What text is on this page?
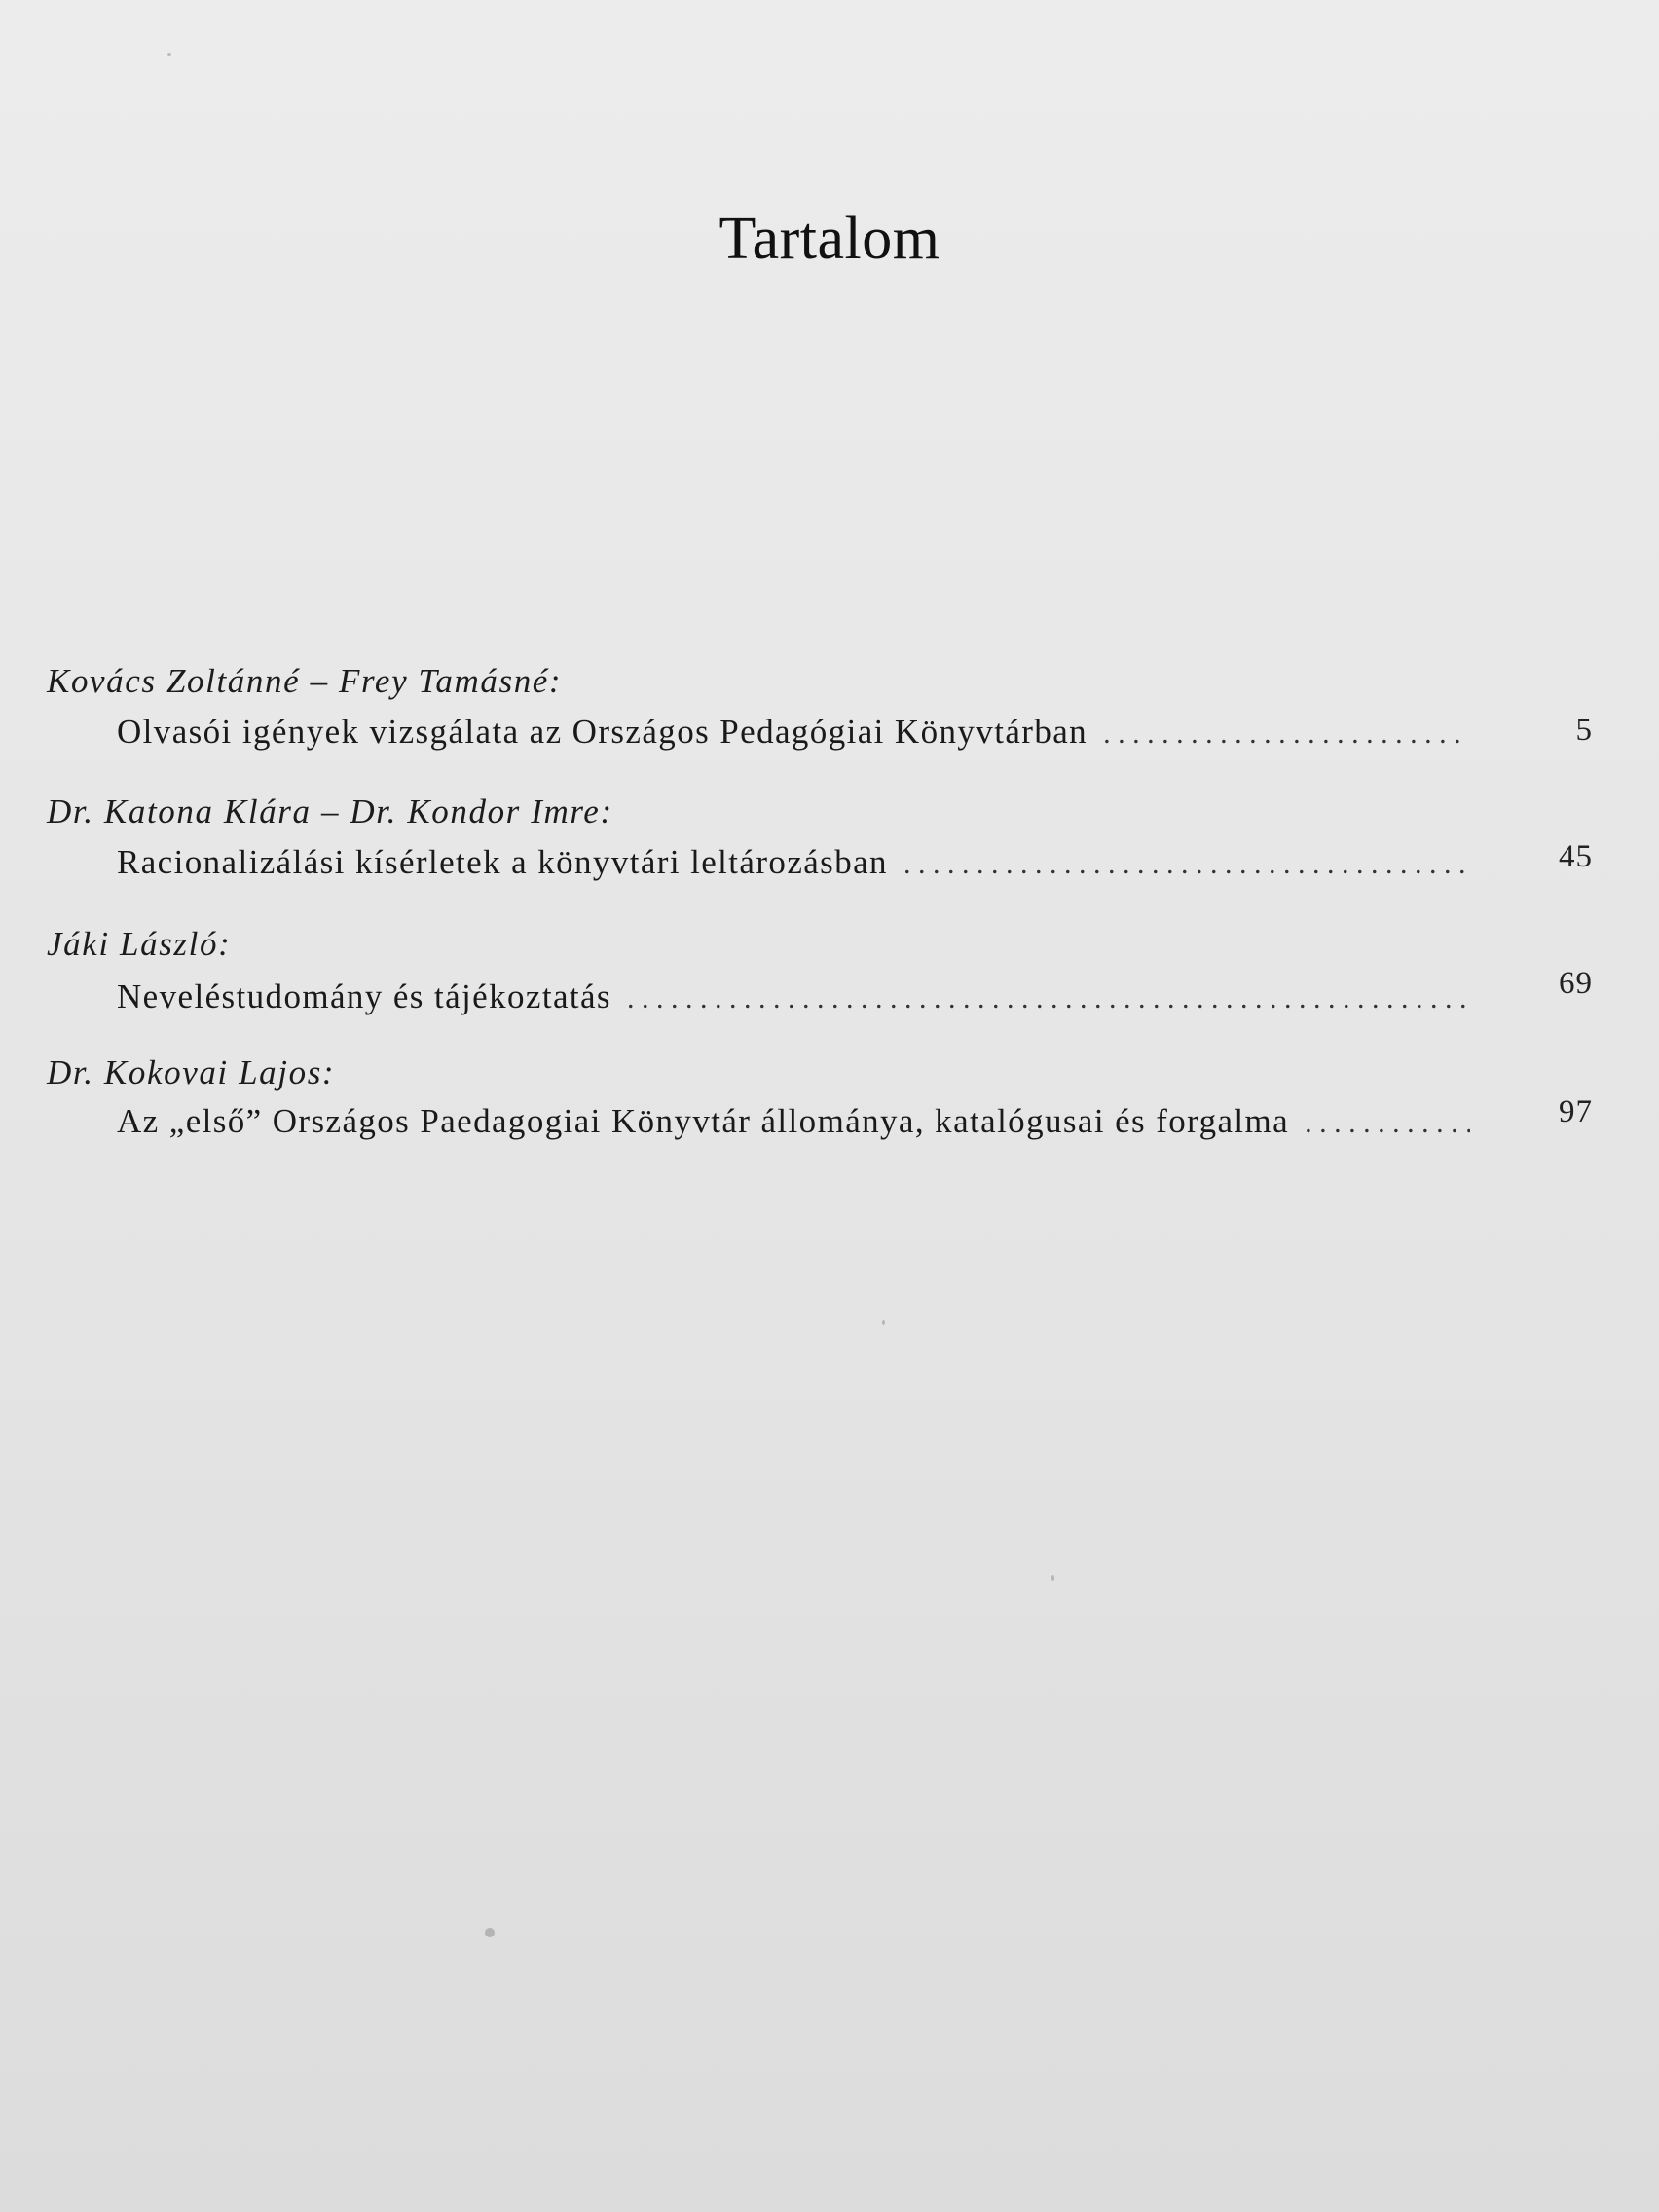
Tartalom
Kovács Zoltánné – Frey Tamásné:
Olvasói igények vizsgálata az Országos Pedagógiai Könyvtárban . . .	5
Dr. Katona Klára – Dr. Kondor Imre:
Racionalizálási kísérletek a könyvtári leltározásban . . .	45
Jáki László:
Neveléstudomány és tájékoztatás . . .	69
Dr. Kokovai Lajos:
Az „első” Országos Paedagogiai Könyvtár állománya, katalógusai és forgalma . . .	97
